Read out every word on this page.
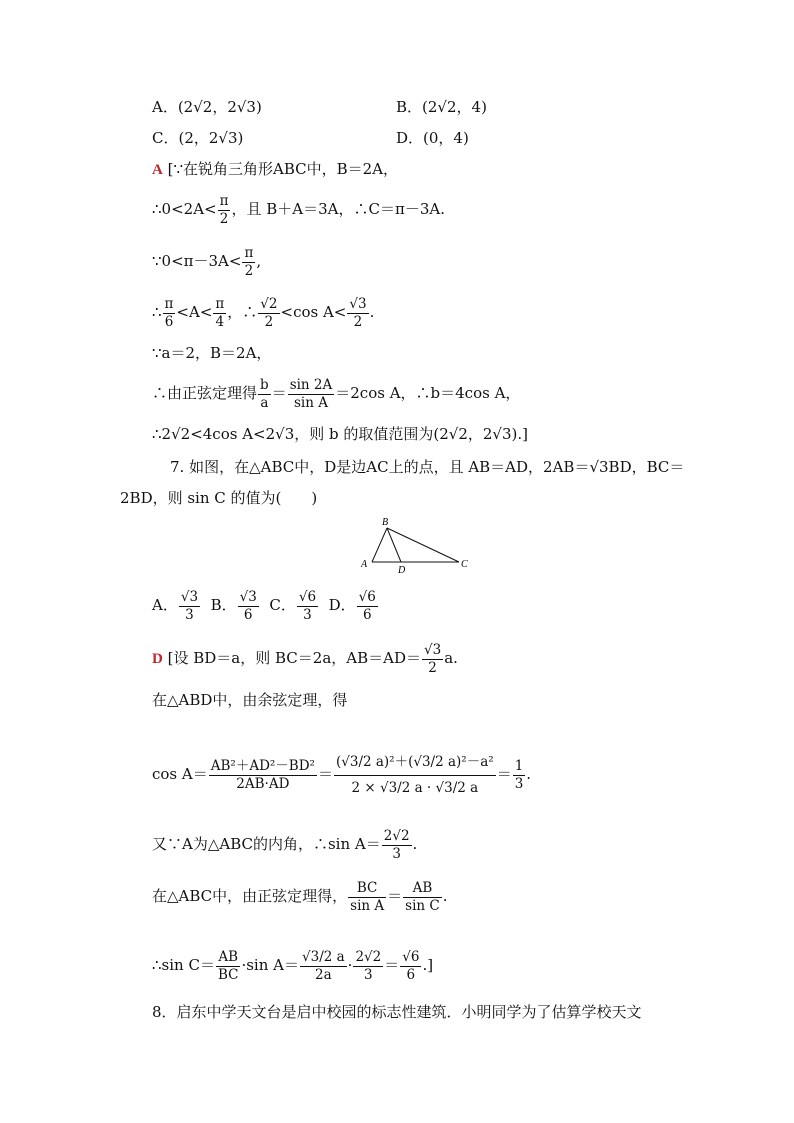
A．(2√2，2√3)	B．(2√2，4)
C．(2，2√3)	D．(0，4)
A [∵在锐角三角形ABC中，B＝2A，
∴0<2A< $\frac{\pi}{2}$ ，且 B＋A＝3A，∴C＝π－3A.
∵0<π－3A< $\frac{\pi}{2}$ ,
∴ $\frac{\pi}{6} <A< \frac{\pi}{4}$ ，∴ $\frac{√2}{2} <\cos$ $A< \frac{√3}{2}$ .
∵a＝2，B＝2A，
∴由正弦定理得 $\frac{b}{a} = \frac{\sin 2A}{\text{sin A}} =2\cos$ A，∴b＝4cos A，
∴2√2<4cos A<2√3，则 b 的取值范围为(2√2，2√3).]
7. 如图，在△ABC中，D是边AC上的点，且 AB＝AD，2AB＝√3BD，BC＝
2BD，则 sin C 的值为(　　)
B
A
D
C
A． $\frac{√3}{3}$ B． $\frac{√3}{6}$ C． $\frac{√6}{3}$ D． $\frac{√6}{6}$
D [设 BD＝a，则 BC＝2a，$AB=AD= \frac{√3}{2} a$.
在△ABD中，由余弦定理，得
$\cos A= \frac{\text{AB²＋AD²－BD²}}{2AB\cdot AD} = \frac{\text{(√3/2 a)²＋(√3/2 a)²－a²}}{2 \times √3/2 a \cdot √3/2 a} = \frac{1}{3}$ .
又∵A为△ABC的内角，∴sin $A= \frac{2√2}{3}$ .
在△ABC中，由正弦定理得， $\frac{BC}{\text{sin A}} = \frac{AB}{\text{sin C}}$ .
∴sin $C= \frac{AB}{BC} \cdot\sin$ $A= \frac{√3/2 a}{2a} \cdot \frac{2√2}{3} = \frac{√6}{6}$ .]
8．启东中学天文台是启中校园的标志性建筑．小明同学为了估算学校天文
